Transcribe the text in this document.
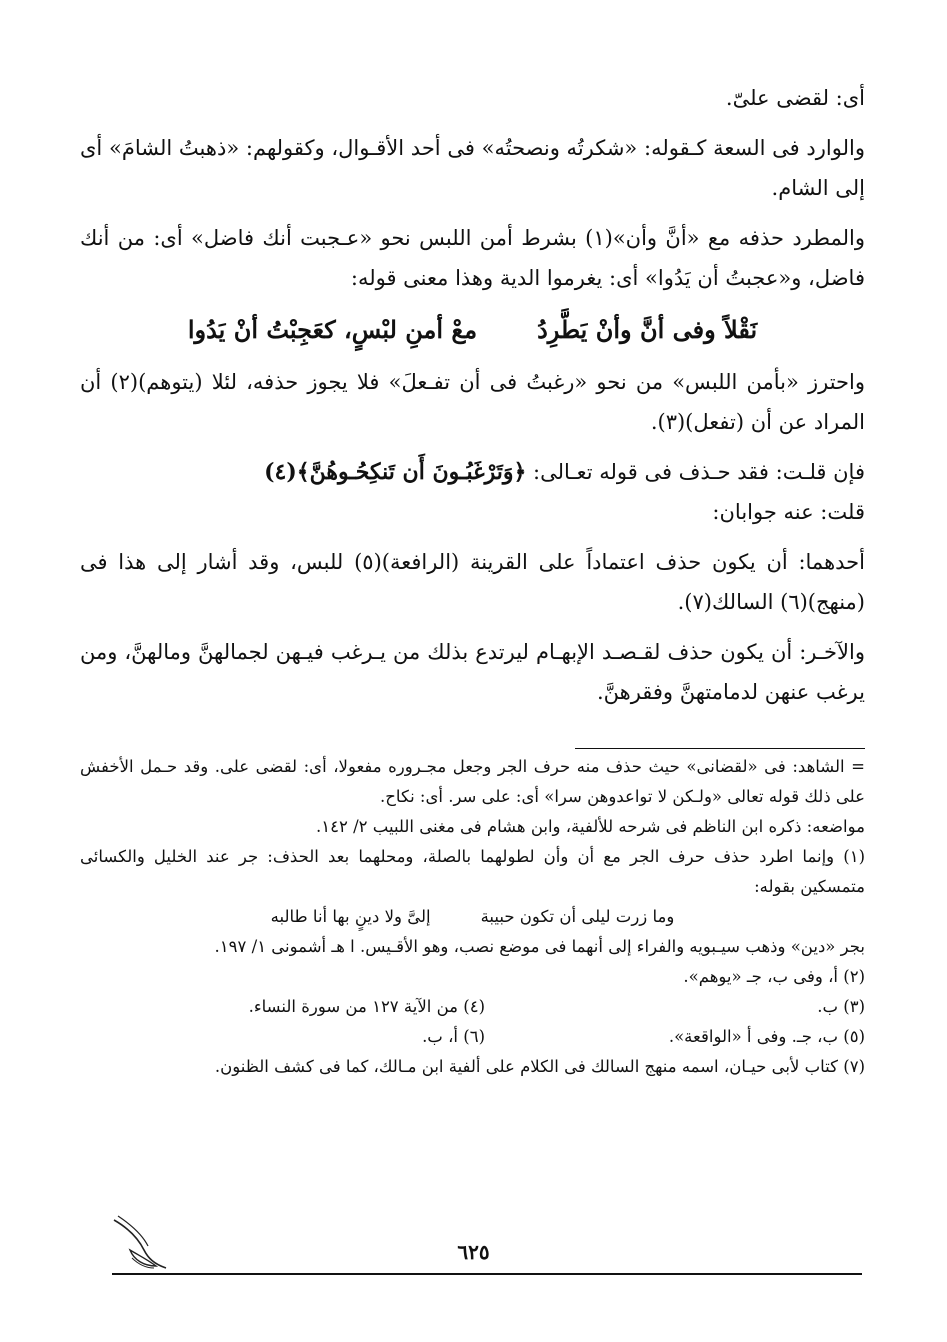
أى: لقضى علىّ.

والوارد فى السعة كـقوله: «شكرتُه ونصحتُه» فى أحد الأقـوال، وكقولهم: «ذهبتُ الشامَ» أى إلى الشام.

والمطرد حذفه مع «أنَّ وأن»(١) بشرط أمن اللبس نحو «عـجبت أنك فاضل» أى: من أنك فاضل، و«عجبتُ أن يَدُوا» أى: يغرموا الدية وهذا معنى قوله:

نَقْلاً وفى أنَّ وأنْ يَطَّرِدُ
معْ أمنِ لبْسٍ، كعَجِبْتُ أنْ يَدُوا

واحترز «بأمن اللبس» من نحو «رغبتُ فى أن تفـعلَ» فلا يجوز حذفه، لئلا (يتوهم)(٢) أن المراد عن أن (تفعل)(٣).

فإن قلـت: فقد حـذف فى قوله تعـالى: ﴿وَتَرْغَبُـونَ أَن تَنكِحُـوهُنَّ﴾(٤)

قلت: عنه جوابان:

أحدهما: أن يكون حذف اعتماداً على القرينة (الرافعة)(٥) للبس، وقد أشار إلى هذا فى (منهج)(٦) السالك(٧).

والآخـر: أن يكون حذف لقـصـد الإبهـام ليرتدع بذلك من يـرغب فيـهن لجمالهنَّ ومالهنَّ، ومن يرغب عنهن لدمامتهنَّ وفقرهنَّ.

= الشاهد: فى «لقضانى» حيث حذف منه حرف الجر وجعل مجـروره مفعولا، أى: لقضى على. وقد حـمل الأخفش على ذلك قوله تعالى «ولـكن لا تواعدوهن سرا» أى: على سر. أى: نكاح.

مواضعه: ذكره ابن الناظم فى شرحه للألفية، وابن هشام فى مغنى اللبيب ٢/ ١٤٢.

(١) وإنما اطرد حذف حرف الجر مع أن وأن لطولهما بالصلة، ومحلهما بعد الحذف: جر عند الخليل والكسائى متمسكين بقوله:

وما زرت ليلى أن تكون حبيبة
إلىَّ ولا دينٍ بها أنا طالبه

بجر «دين» وذهب سيـبويه والفراء إلى أنهما فى موضع نصب، وهو الأقـيس. ا هـ أشمونى ١/ ١٩٧.

(٢) أ، وفى ب، جـ «يوهم».

(٣) ب.
(٤) من الآية ١٢٧ من سورة النساء.

(٥) ب، جـ. وفى أ «الواقعة».
(٦) أ، ب.

(٧) كتاب لأبى حيـان، اسمه منهج السالك فى الكلام على ألفية ابن مـالك، كما فى كشف الظنون.

٦٢٥
